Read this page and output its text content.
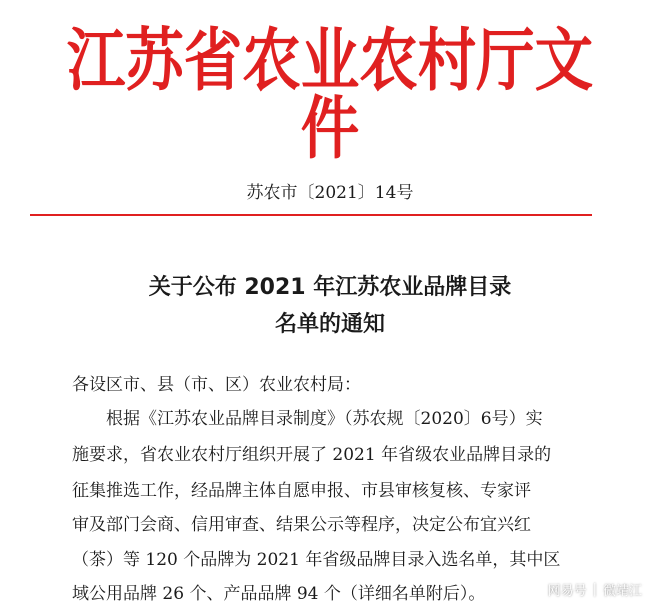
江苏省农业农村厅文件
苏农市〔2021〕14号
关于公布 2021 年江苏农业品牌目录
名单的通知
各设区市、县（市、区）农业农村局：
根据《江苏农业品牌目录制度》（苏农规〔2020〕6号）实
施要求，省农业农村厅组织开展了 2021 年省级农业品牌目录的
征集推选工作，经品牌主体自愿申报、市县审核复核、专家评
审及部门会商、信用审查、结果公示等程序，决定公布宜兴红
（茶）等 120 个品牌为 2021 年省级品牌目录入选名单，其中区
域公用品牌 26 个、产品品牌 94 个（详细名单附后）。	网易号 | 微靖江
